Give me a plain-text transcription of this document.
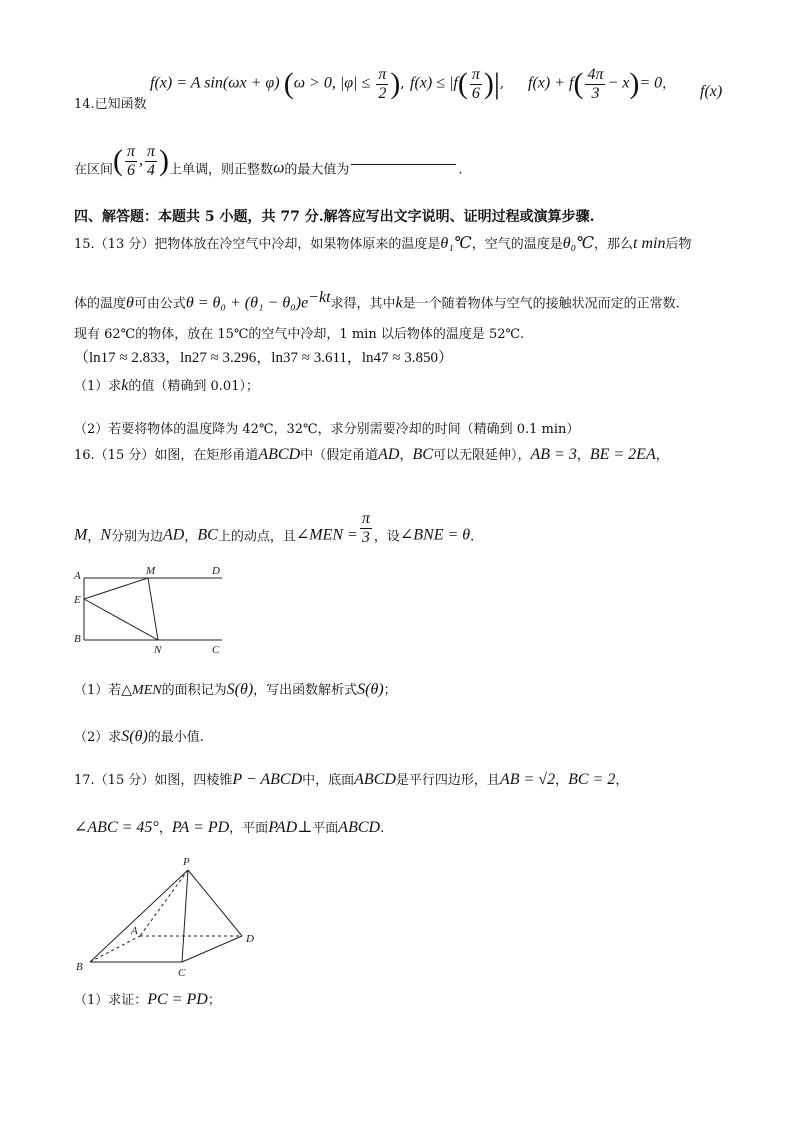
f(x) = A sin(ωx + φ) (ω > 0, $|\varphi| \le \frac{\pi}{2}$ ), $f(x) \le |f( \frac{\pi}{6}$ )|, $f(x) + f( \frac{4\pi}{3} - x)= 0$， f(x)
14.已知函数
在区间( $\frac{\pi}{6}$ , $\frac{\pi}{4}$ )上单调，则正整数ω的最大值为	.
四、解答题：本题共 5 小题，共 77 分.解答应写出文字说明、证明过程或演算步骤.
15.（13 分）把物体放在冷空气中冷却，如果物体原来的温度是θ₁℃，空气的温度是θ₀℃，那么t min后物
体的温度θ可由公式$\theta = \theta_0 + (\theta_1 - \theta_0)e^{-kt}$求得，其中k是一个随着物体与空气的接触状况而定的正常数.
现有 62℃的物体，放在 15℃的空气中冷却，1 min 以后物体的温度是 52℃.
（ln17 ≈ 2.833，ln27 ≈ 3.296，ln37 ≈ 3.611，ln47 ≈ 3.850）
（1）求k的值（精确到 0.01）；
（2）若要将物体的温度降为 42℃，32℃，求分别需要冷却的时间（精确到 0.1 min）
16.（15 分）如图，在矩形甬道ABCD中（假定甬道AD，BC可以无限延伸），AB = 3，BE = 2EA，
M，N分别为边AD，BC上的动点，且∠MEN = $\frac{\pi}{3}$ ，设∠BNE = θ.
A	M	D
E
B
N	C
（1）若△MEN的面积记为S(θ)，写出函数解析式S(θ)；
（2）求S(θ)的最小值.
17.（15 分）如图，四棱锥P − ABCD中，底面ABCD是平行四边形，且AB = √2，BC = 2，
∠ABC = 45°，PA = PD，平面PAD⊥平面ABCD.
P
A
D
B	C
（1）求证：PC = PD；
